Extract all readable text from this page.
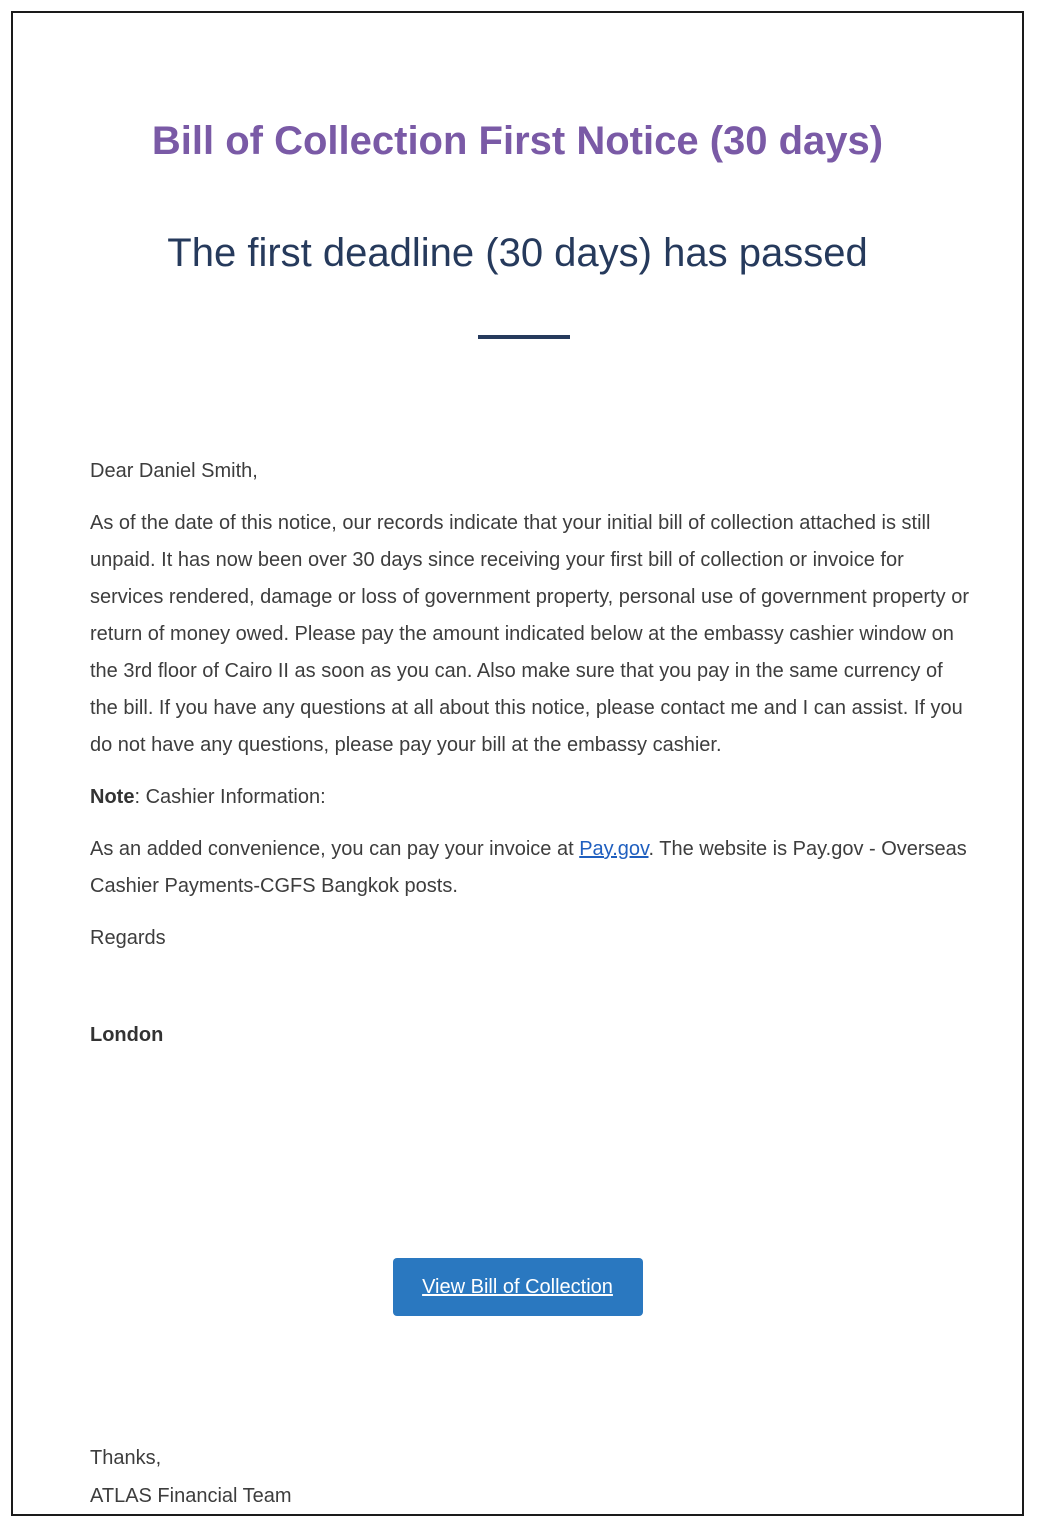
Bill of Collection First Notice (30 days)
The first deadline (30 days) has passed

Dear Daniel Smith,

As of the date of this notice, our records indicate that your initial bill of collection attached is still unpaid. It has now been over 30 days since receiving your first bill of collection or invoice for services rendered, damage or loss of government property, personal use of government property or return of money owed. Please pay the amount indicated below at the embassy cashier window on the 3rd floor of Cairo II as soon as you can. Also make sure that you pay in the same currency of the bill. If you have any questions at all about this notice, please contact me and I can assist. If you do not have any questions, please pay your bill at the embassy cashier.

Note: Cashier Information:

As an added convenience, you can pay your invoice at Pay.gov. The website is Pay.gov - Overseas Cashier Payments-CGFS Bangkok posts.

Regards

London

View Bill of Collection

Thanks,

ATLAS Financial Team
